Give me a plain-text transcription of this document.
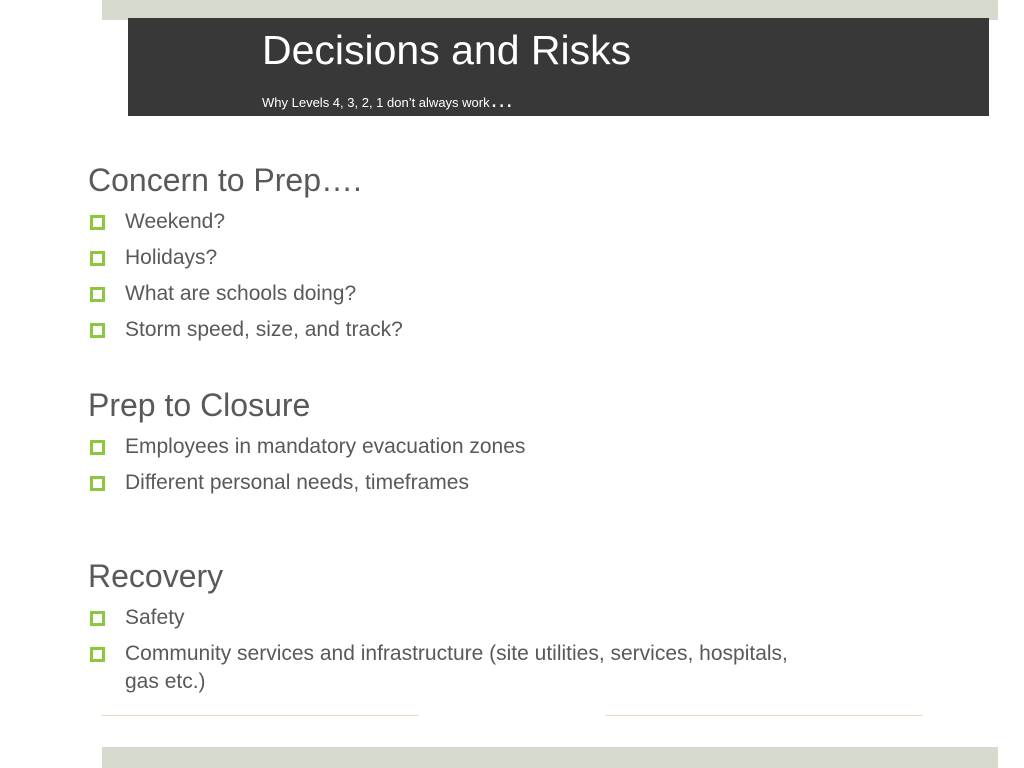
Decisions and Risks
Why Levels 4, 3, 2, 1 don’t always work…
Concern to Prep….
Weekend?
Holidays?
What are schools doing?
Storm speed, size, and track?
Prep to Closure
Employees in mandatory evacuation zones
Different personal needs, timeframes
Recovery
Safety
Community services and infrastructure (site utilities, services, hospitals, gas etc.)
